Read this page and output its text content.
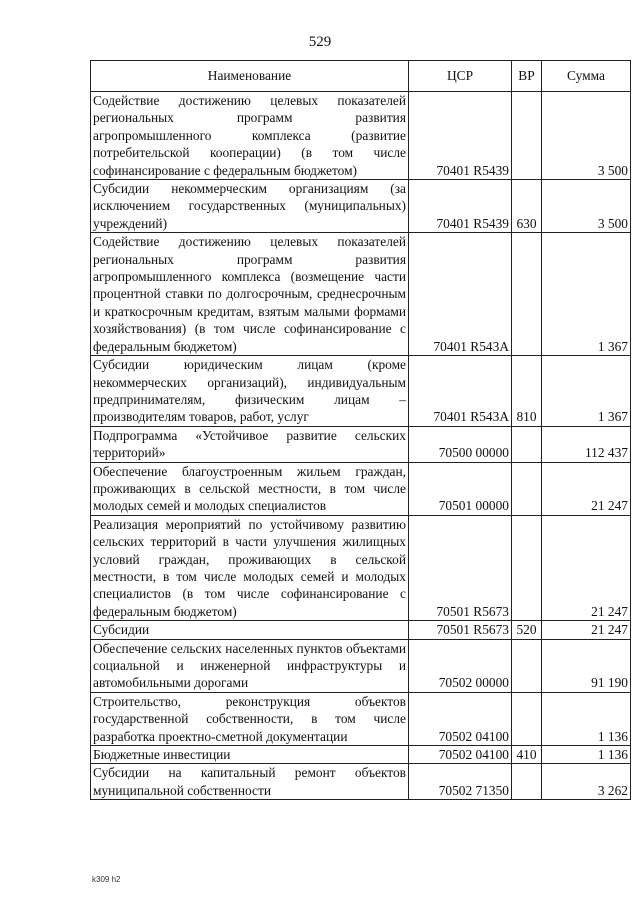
529
Наименование	ЦСР	ВР	Сумма
Содействие достижению целевых показателей региональных программ развития агропромышленного комплекса (развитие потребительской кооперации) (в том числе софинансирование с федеральным бюджетом)	70401 R5439		3 500
Субсидии некоммерческим организациям (за исключением государственных (муниципальных) учреждений)	70401 R5439	630	3 500
Содействие достижению целевых показателей региональных программ развития агропромышленного комплекса (возмещение части процентной ставки по долгосрочным, среднесрочным и краткосрочным кредитам, взятым малыми формами хозяйствования) (в том числе софинансирование с федеральным бюджетом)	70401 R543A		1 367
Субсидии юридическим лицам (кроме некоммерческих организаций), индивидуальным предпринимателям, физическим лицам – производителям товаров, работ, услуг	70401 R543A	810	1 367
Подпрограмма «Устойчивое развитие сельских территорий»	70500 00000		112 437
Обеспечение благоустроенным жильем граждан, проживающих в сельской местности, в том числе молодых семей и молодых специалистов	70501 00000		21 247
Реализация мероприятий по устойчивому развитию сельских территорий в части улучшения жилищных условий граждан, проживающих в сельской местности, в том числе молодых семей и молодых специалистов (в том числе софинансирование с федеральным бюджетом)	70501 R5673		21 247
Субсидии	70501 R5673	520	21 247
Обеспечение сельских населенных пунктов объектами социальной и инженерной инфраструктуры и автомобильными дорогами	70502 00000		91 190
Строительство, реконструкция объектов государственной собственности, в том числе разработка проектно-сметной документации	70502 04100		1 136
Бюджетные инвестиции	70502 04100	410	1 136
Субсидии на капитальный ремонт объектов муниципальной собственности	70502 71350		3 262
k309 h2
